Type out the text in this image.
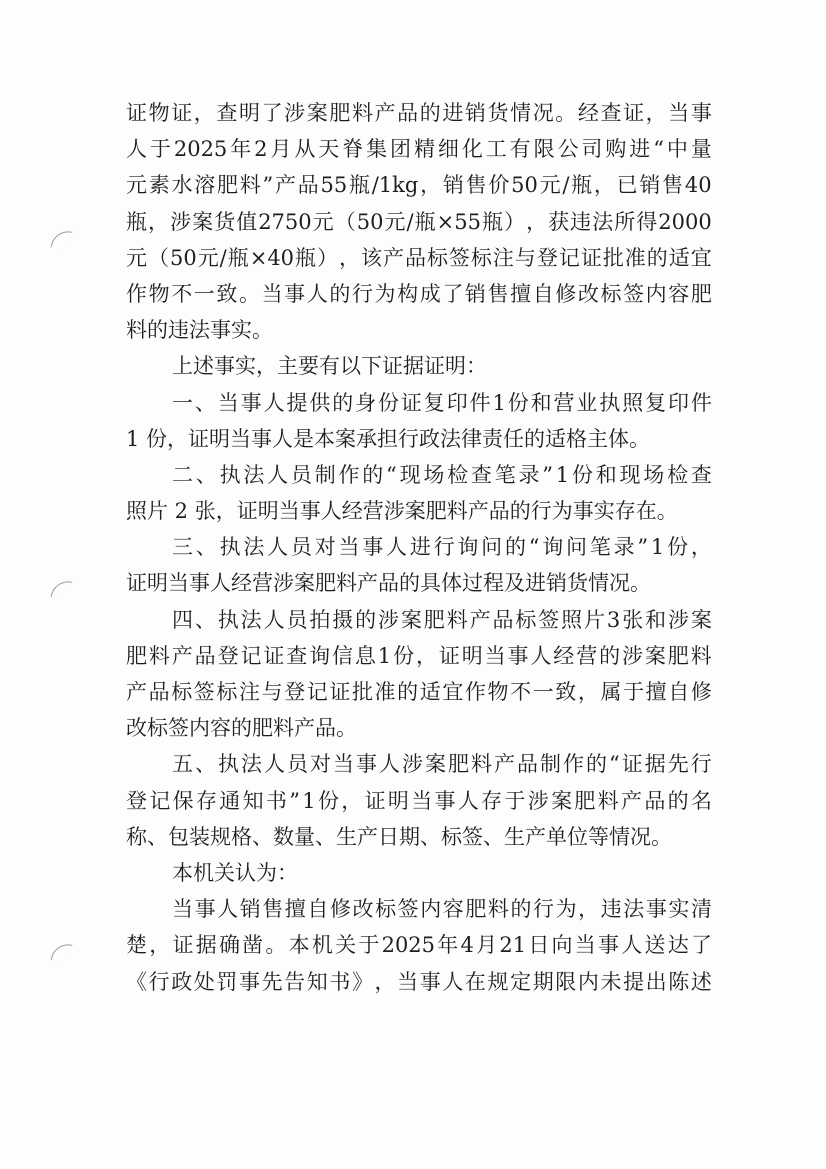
证 物 证 ， 查 明 了 涉 案 肥 料 产 品 的 进 销 货 情 况 。 经 查 证 ， 当 事
人 于 2025 年 2 月 从 天 脊 集 团 精 细 化 工 有 限 公 司 购 进 “ 中 量
元 素 水 溶 肥 料 ” 产 品 55 瓶 /1kg ， 销 售 价 50 元 / 瓶 ， 已 销 售 40
瓶 ， 涉 案 货 值 2750 元 （ 50 元 / 瓶 ×55 瓶 ） ， 获 违 法 所 得 2000
元 （ 50 元 / 瓶 ×40 瓶 ） ， 该 产 品 标 签 标 注 与 登 记 证 批 准 的 适 宜
作 物 不 一 致 。 当 事 人 的 行 为 构 成 了 销 售 擅 自 修 改 标 签 内 容 肥
料的违法事实。
上述事实，主要有以下证据证明：
一 、 当 事 人 提 供 的 身 份 证 复 印 件 1 份 和 营 业 执 照 复 印 件
1 份，证明当事人是本案承担行政法律责任的适格主体。
二 、 执 法 人 员 制 作 的 “ 现 场 检 查 笔 录 ” 1 份 和 现 场 检 查
照片 2 张，证明当事人经营涉案肥料产品的行为事实存在。
三 、 执 法 人 员 对 当 事 人 进 行 询 问 的 “ 询 问 笔 录 ” 1 份 ，
证明当事人经营涉案肥料产品的具体过程及进销货情况。
四 、 执 法 人 员 拍 摄 的 涉 案 肥 料 产 品 标 签 照 片 3 张 和 涉 案
肥 料 产 品 登 记 证 查 询 信 息 1 份 ， 证 明 当 事 人 经 营 的 涉 案 肥 料
产 品 标 签 标 注 与 登 记 证 批 准 的 适 宜 作 物 不 一 致 ， 属 于 擅 自 修
改标签内容的肥料产品。
五 、 执 法 人 员 对 当 事 人 涉 案 肥 料 产 品 制 作 的 “ 证 据 先 行
登 记 保 存 通 知 书 ” 1 份 ， 证 明 当 事 人 存 于 涉 案 肥 料 产 品 的 名
称、包装规格、数量、生产日期、标签、生产单位等情况。
本机关认为：
当 事 人 销 售 擅 自 修 改 标 签 内 容 肥 料 的 行 为 ， 违 法 事 实 清
楚 ， 证 据 确 凿 。 本 机 关 于 2025 年 4 月 21 日 向 当 事 人 送 达 了
《 行 政 处 罚 事 先 告 知 书 》 ， 当 事 人 在 规 定 期 限 内 未 提 出 陈 述
